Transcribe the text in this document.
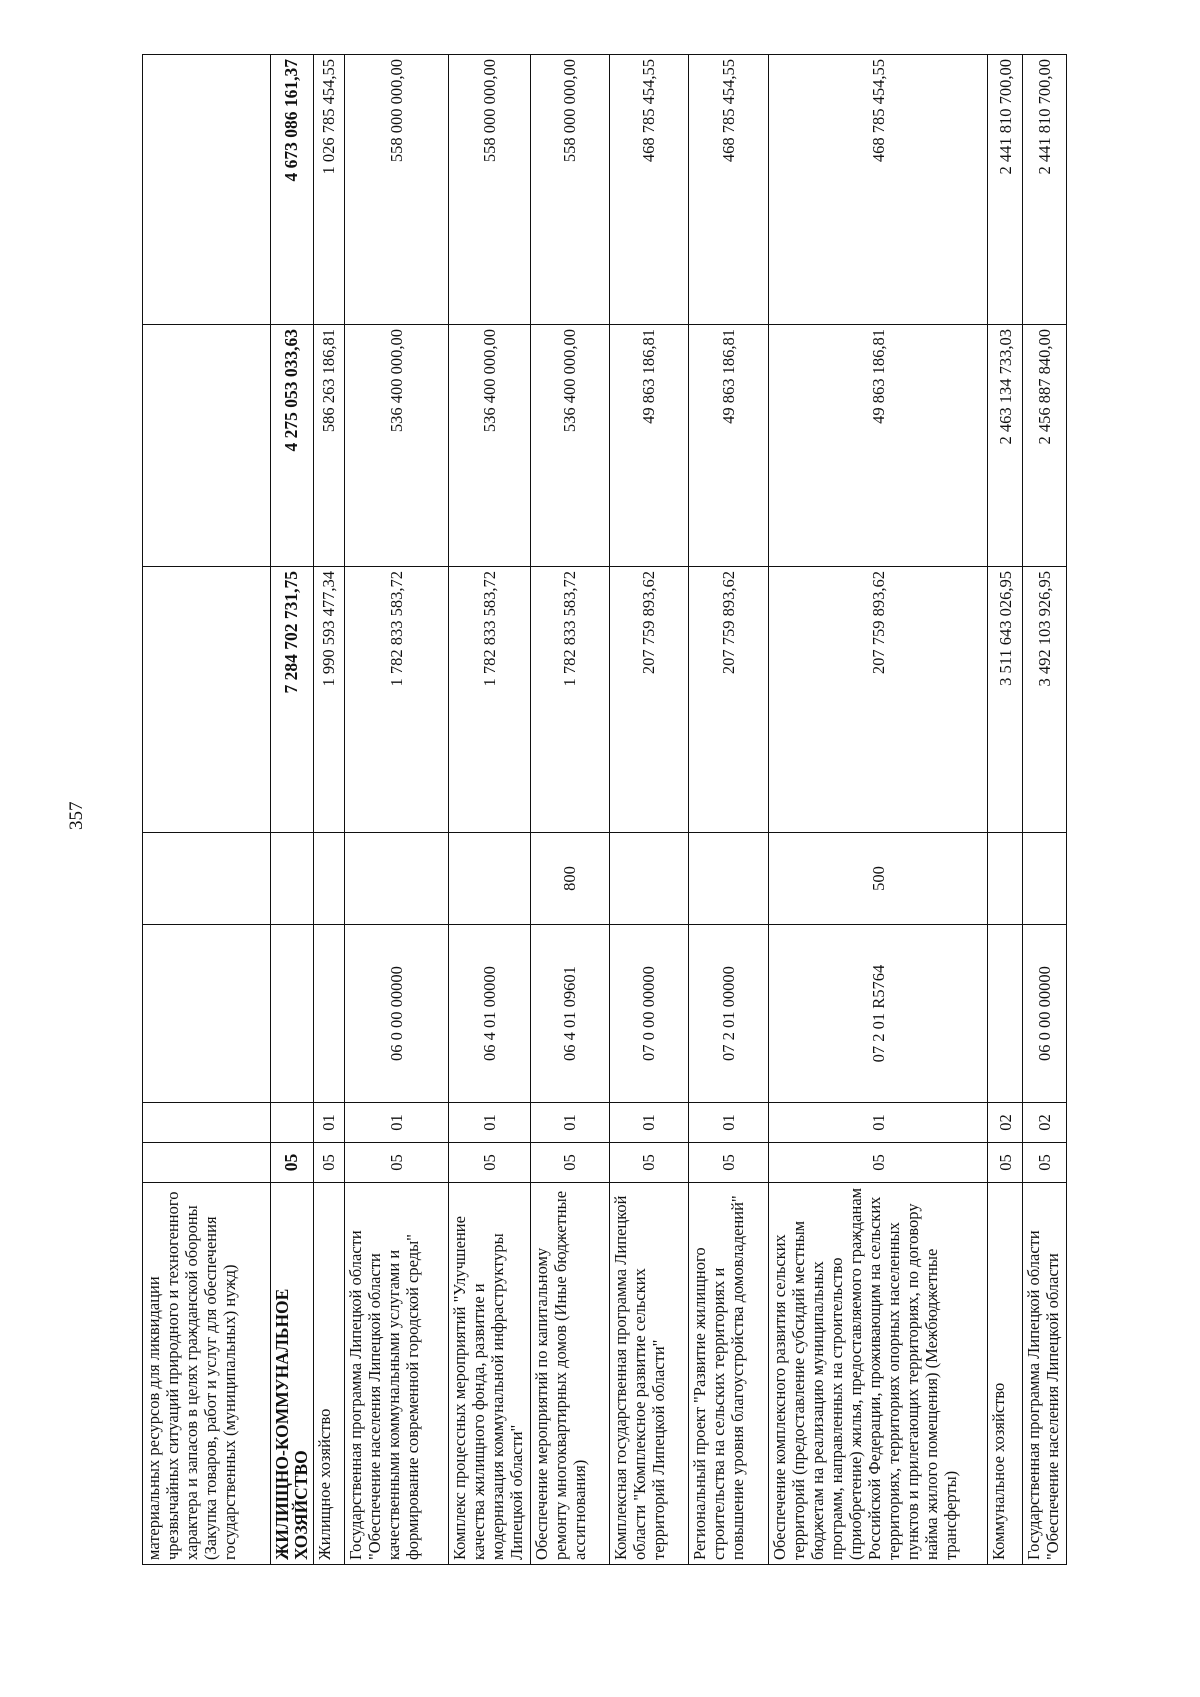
357
материальных ресурсов для ликвидации чрезвычайных ситуаций природного и техногенного характера и запасов в целях гражданской обороны (Закупка товаров, работ и услуг для обеспечения государственных (муниципальных) нужд)							
ЖИЛИЩНО-КОММУНАЛЬНОЕ ХОЗЯЙСТВО	05				7 284 702 731,75	4 275 053 033,63	4 673 086 161,37
Жилищное хозяйство	05	01			1 990 593 477,34	586 263 186,81	1 026 785 454,55
Государственная программа Липецкой области "Обеспечение населения Липецкой области качественными коммунальными услугами и формирование современной городской среды"	05	01	06 0 00 00000		1 782 833 583,72	536 400 000,00	558 000 000,00
Комплекс процессных мероприятий "Улучшение качества жилищного фонда, развитие и модернизация коммунальной инфраструктуры Липецкой области"	05	01	06 4 01 00000		1 782 833 583,72	536 400 000,00	558 000 000,00
Обеспечение мероприятий по капитальному ремонту многоквартирных домов (Иные бюджетные ассигнования)	05	01	06 4 01 09601	800	1 782 833 583,72	536 400 000,00	558 000 000,00
Комплексная государственная программа Липецкой области "Комплексное развитие сельских территорий Липецкой области"	05	01	07 0 00 00000		207 759 893,62	49 863 186,81	468 785 454,55
Региональный проект "Развитие жилищного строительства на сельских территориях и повышение уровня благоустройства домовладений"	05	01	07 2 01 00000		207 759 893,62	49 863 186,81	468 785 454,55
Обеспечение комплексного развития сельских территорий (предоставление субсидий местным бюджетам на реализацию муниципальных программ, направленных на строительство (приобретение) жилья, предоставляемого гражданам Российской Федерации, проживающим на сельских территориях, территориях опорных населенных пунктов и прилегающих территориях, по договору найма жилого помещения) (Межбюджетные трансферты)	05	01	07 2 01 R5764	500	207 759 893,62	49 863 186,81	468 785 454,55
Коммунальное хозяйство	05	02			3 511 643 026,95	2 463 134 733,03	2 441 810 700,00
Государственная программа Липецкой области "Обеспечение населения Липецкой области	05	02	06 0 00 00000		3 492 103 926,95	2 456 887 840,00	2 441 810 700,00
